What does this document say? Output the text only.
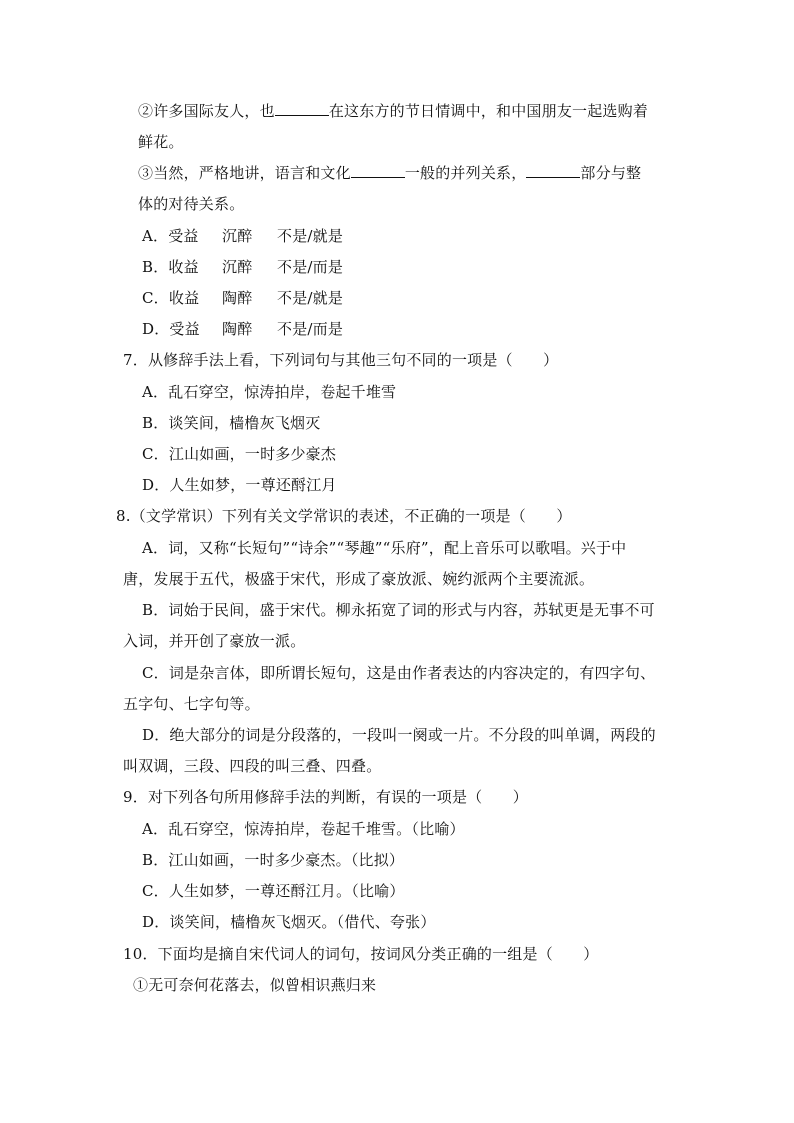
②许多国际友人，也	在这东方的节日情调中，和中国朋友一起选购着
鲜花。
③当然，严格地讲，语言和文化	一般的并列关系，	部分与整
体的对待关系。
A．受益 沉醉 不是/就是
B．收益 沉醉 不是/而是
C．收益 陶醉 不是/就是
D．受益 陶醉 不是/而是
7．从修辞手法上看，下列词句与其他三句不同的一项是（　　）
A．乱石穿空，惊涛拍岸，卷起千堆雪
B．谈笑间，樯橹灰飞烟灭
C．江山如画，一时多少豪杰
D．人生如梦，一尊还酹江月
8.（文学常识）下列有关文学常识的表述，不正确的一项是（　　）
A．词，又称“长短句”“诗余”“琴趣”“乐府”，配上音乐可以歌唱。兴于中
唐，发展于五代，极盛于宋代，形成了豪放派、婉约派两个主要流派。
B．词始于民间，盛于宋代。柳永拓宽了词的形式与内容，苏轼更是无事不可
入词，并开创了豪放一派。
C．词是杂言体，即所谓长短句，这是由作者表达的内容决定的，有四字句、
五字句、七字句等。
D．绝大部分的词是分段落的，一段叫一阕或一片。不分段的叫单调，两段的
叫双调，三段、四段的叫三叠、四叠。
9．对下列各句所用修辞手法的判断，有误的一项是（　　）
A．乱石穿空，惊涛拍岸，卷起千堆雪。（比喻）
B．江山如画，一时多少豪杰。（比拟）
C．人生如梦，一尊还酹江月。（比喻）
D．谈笑间，樯橹灰飞烟灭。（借代、夸张）
10．下面均是摘自宋代词人的词句，按词风分类正确的一组是（　　）
①无可奈何花落去，似曾相识燕归来
